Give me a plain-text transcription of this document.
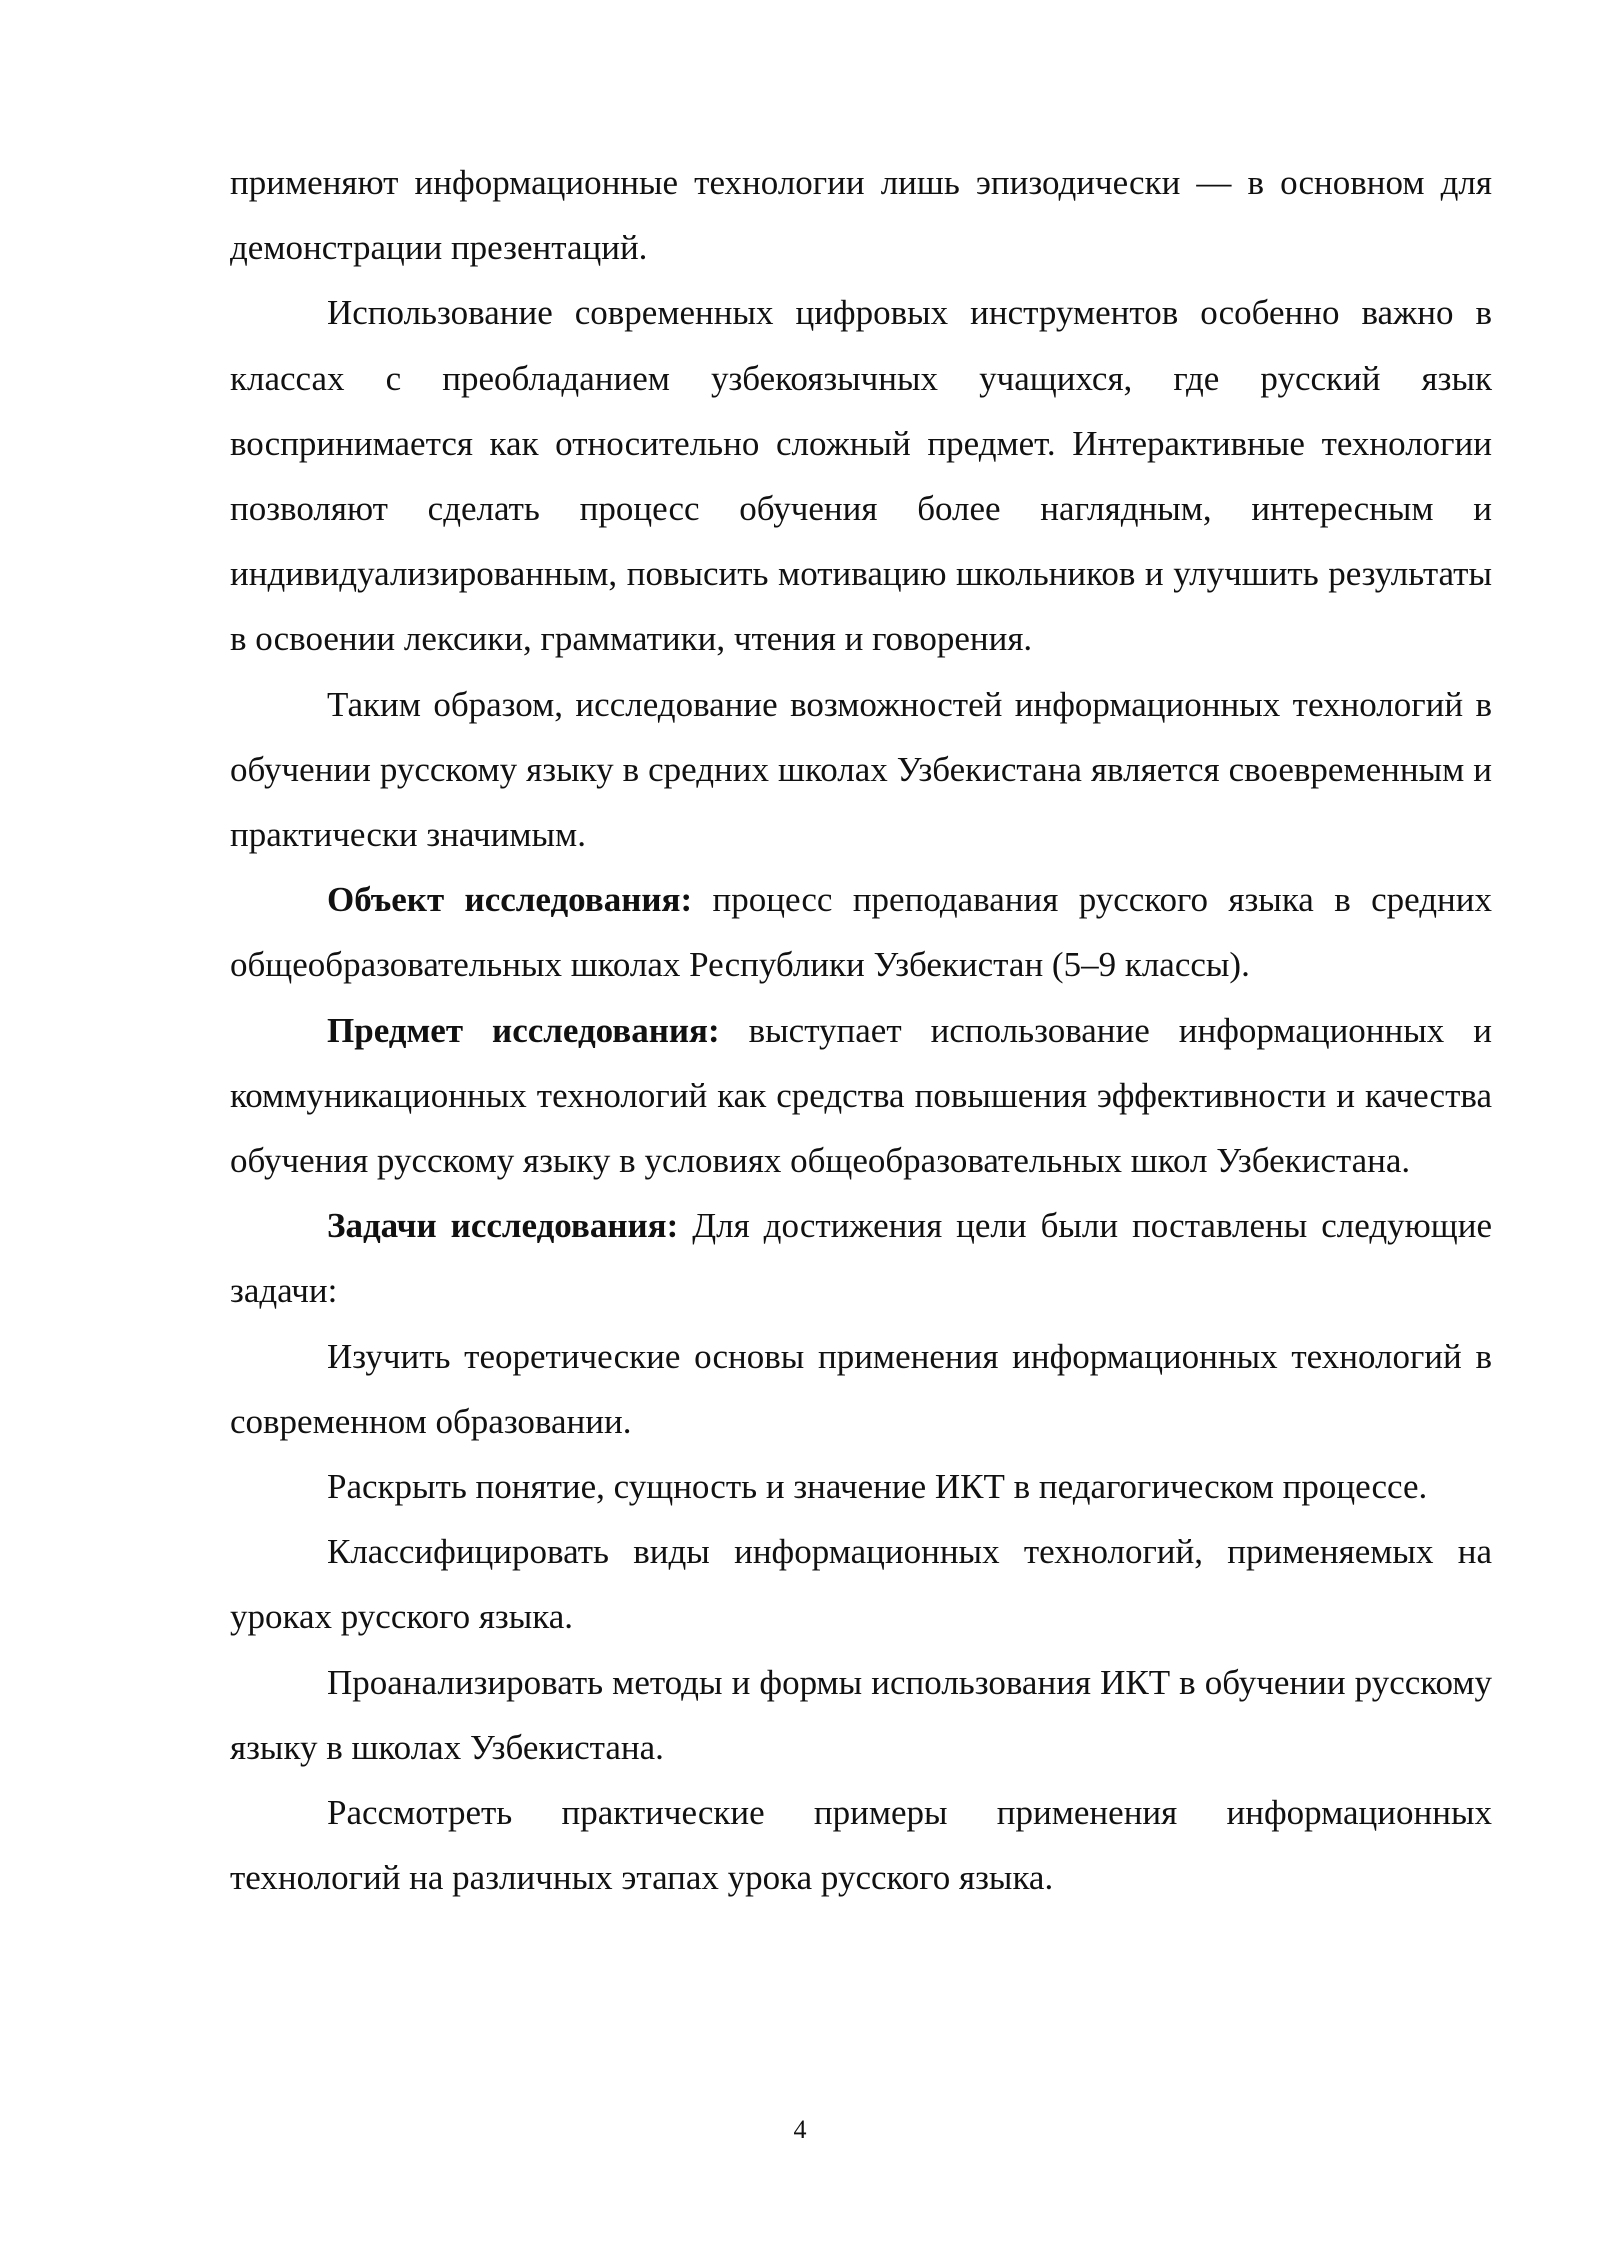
применяют информационные технологии лишь эпизодически — в основном для демонстрации презентаций.

Использование современных цифровых инструментов особенно важно в классах с преобладанием узбекоязычных учащихся, где русский язык воспринимается как относительно сложный предмет. Интерактивные технологии позволяют сделать процесс обучения более наглядным, интересным и индивидуализированным, повысить мотивацию школьников и улучшить результаты в освоении лексики, грамматики, чтения и говорения.

Таким образом, исследование возможностей информационных технологий в обучении русскому языку в средних школах Узбекистана является своевременным и практически значимым.

Объект исследования: процесс преподавания русского языка в средних общеобразовательных школах Республики Узбекистан (5–9 классы).

Предмет исследования: выступает использование информационных и коммуникационных технологий как средства повышения эффективности и качества обучения русскому языку в условиях общеобразовательных школ Узбекистана.

Задачи исследования: Для достижения цели были поставлены следующие задачи:

Изучить теоретические основы применения информационных технологий в современном образовании.

Раскрыть понятие, сущность и значение ИКТ в педагогическом процессе.

Классифицировать виды информационных технологий, применяемых на уроках русского языка.

Проанализировать методы и формы использования ИКТ в обучении русскому языку в школах Узбекистана.

Рассмотреть практические примеры применения информационных технологий на различных этапах урока русского языка.

4
